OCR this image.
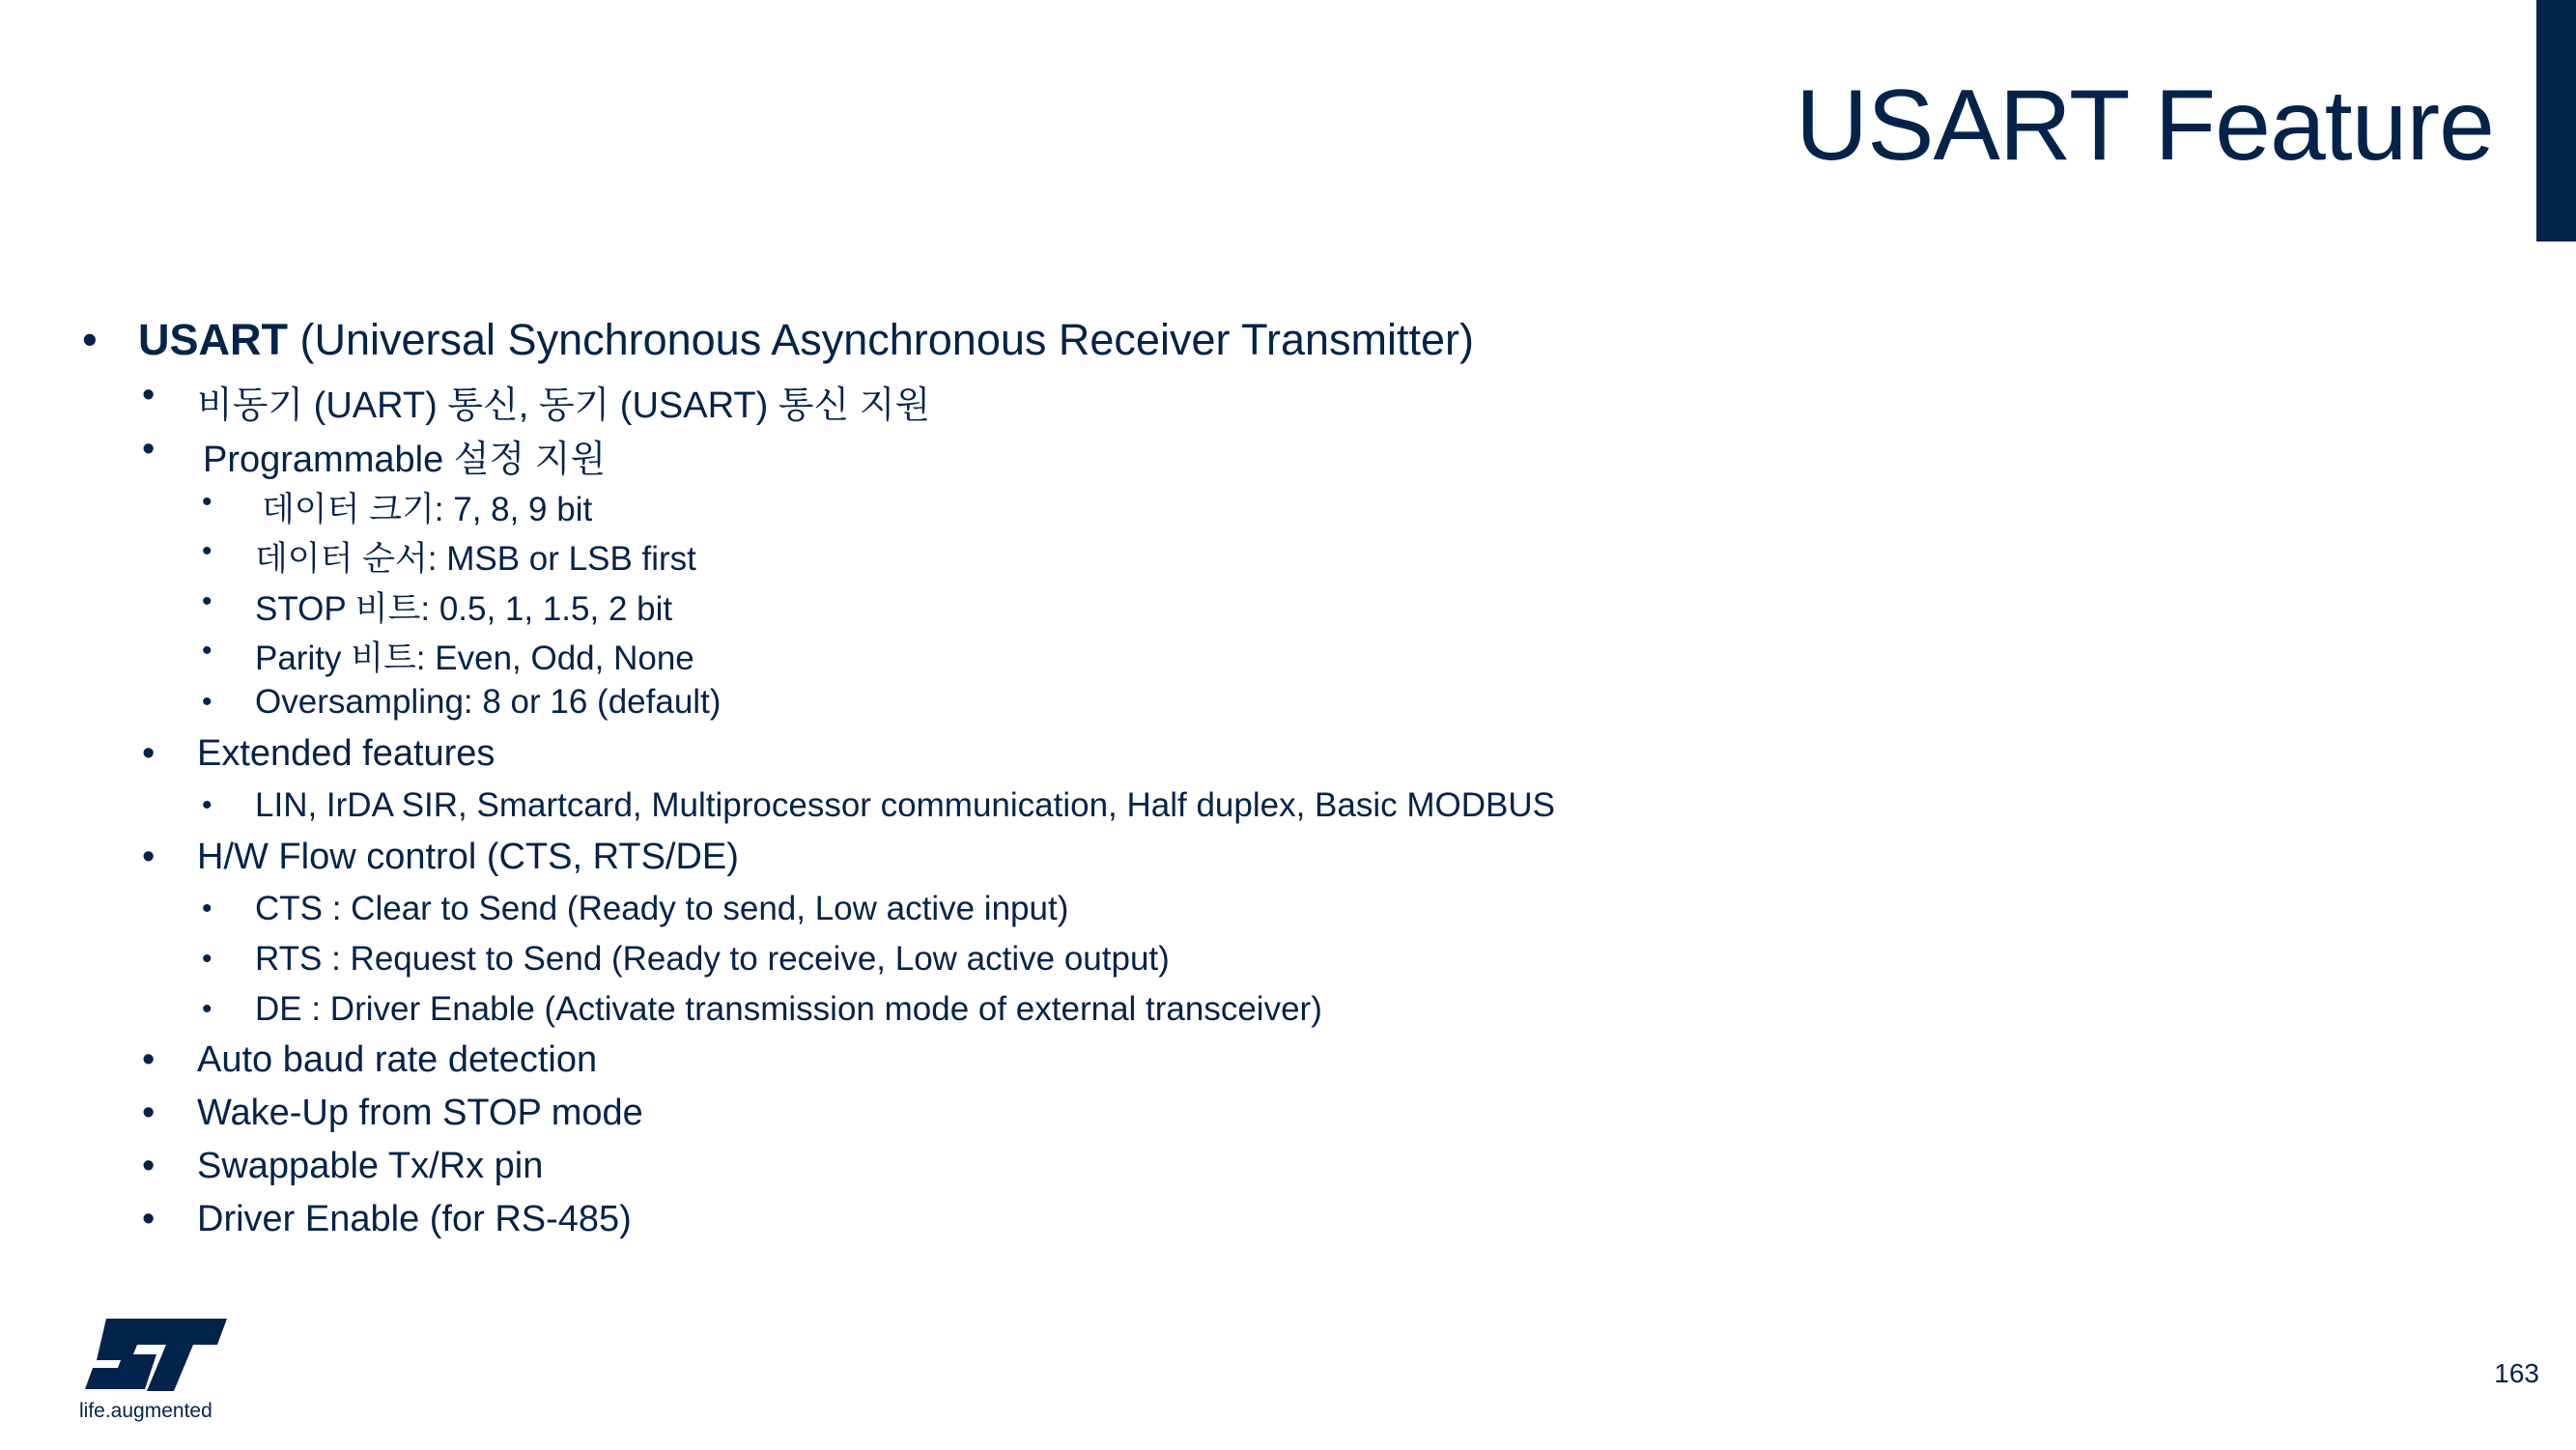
USART Feature
• USART (Universal Synchronous Asynchronous Receiver Transmitter)
• 비동기 (UART) 통신, 동기 (USART) 통신 지원
• Programmable 설정 지원
• 데이터 크기: 7, 8, 9 bit
• 데이터 순서: MSB or LSB first
• STOP 비트: 0.5, 1, 1.5, 2 bit
• Parity 비트: Even, Odd, None
• Oversampling: 8 or 16 (default)
• Extended features
• LIN, IrDA SIR, Smartcard, Multiprocessor communication, Half duplex, Basic MODBUS
• H/W Flow control (CTS, RTS/DE)
• CTS : Clear to Send (Ready to send, Low active input)
• RTS : Request to Send (Ready to receive, Low active output)
• DE : Driver Enable (Activate transmission mode of external transceiver)
• Auto baud rate detection
• Wake-Up from STOP mode
• Swappable Tx/Rx pin
• Driver Enable (for RS-485)
life.augmented
163
